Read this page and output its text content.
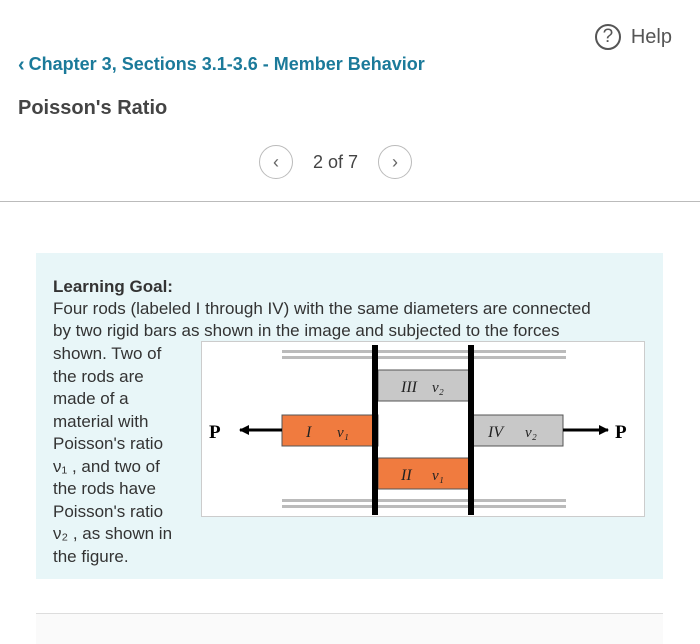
? Help
‹ Chapter 3, Sections 3.1-3.6 - Member Behavior
Poisson's Ratio
‹	2 of 7	›
Learning Goal:
Four rods (labeled I through IV) with the same diameters are connected
by two rigid bars as shown in the image and subjected to the forces
shown. Two of
the rods are
made of a
material with
Poisson's ratio
ν₁ , and two of
the rods have
Poisson's ratio
ν₂ , as shown in
the figure.
III ν₂
I ν₁	IV ν₂
II ν₁
P	P
